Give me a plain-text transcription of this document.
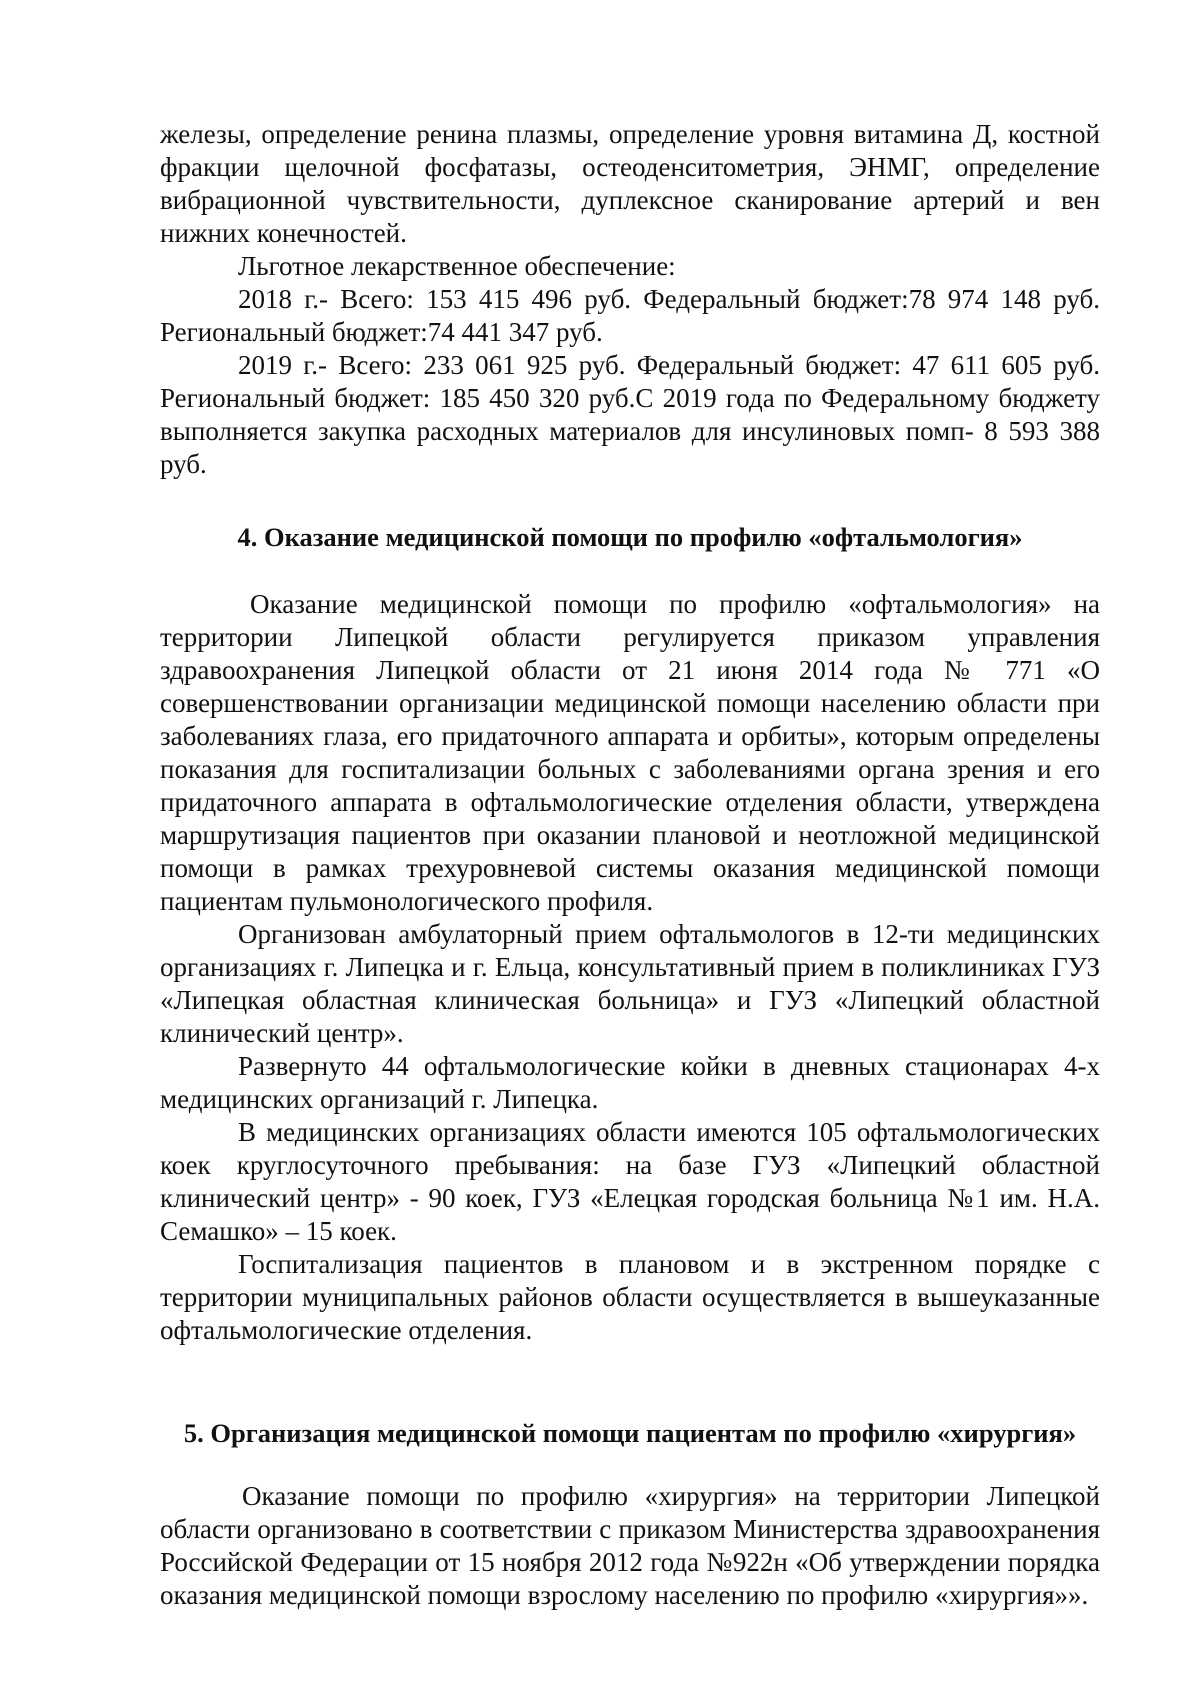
железы, определение ренина плазмы, определение уровня витамина Д, костной фракции щелочной фосфатазы, остеоденситометрия, ЭНМГ, определение вибрационной чувствительности, дуплексное сканирование артерий и вен нижних конечностей.

Льготное лекарственное обеспечение:

2018 г.- Всего: 153 415 496 руб. Федеральный бюджет:78 974 148 руб. Региональный бюджет:74 441 347 руб.

2019 г.- Всего: 233 061 925 руб. Федеральный бюджет: 47 611 605 руб. Региональный бюджет: 185 450 320 руб.С 2019 года по Федеральному бюджету выполняется закупка расходных материалов для инсулиновых помп- 8 593 388 руб.

4. Оказание медицинской помощи по профилю «офтальмология»

Оказание медицинской помощи по профилю «офтальмология» на территории Липецкой области регулируется приказом управления здравоохранения Липецкой области от 21 июня 2014 года № 771 «О совершенствовании организации медицинской помощи населению области при заболеваниях глаза, его придаточного аппарата и орбиты», которым определены показания для госпитализации больных с заболеваниями органа зрения и его придаточного аппарата в офтальмологические отделения области, утверждена маршрутизация пациентов при оказании плановой и неотложной медицинской помощи в рамках трехуровневой системы оказания медицинской помощи пациентам пульмонологического профиля.

Организован амбулаторный прием офтальмологов в 12-ти медицинских организациях г. Липецка и г. Ельца, консультативный прием в поликлиниках ГУЗ «Липецкая областная клиническая больница» и ГУЗ «Липецкий областной клинический центр».

Развернуто 44 офтальмологические койки в дневных стационарах 4-х медицинских организаций г. Липецка.

В медицинских организациях области имеются 105 офтальмологических коек круглосуточного пребывания: на базе ГУЗ «Липецкий областной клинический центр» - 90 коек, ГУЗ «Елецкая городская больница №1 им. Н.А. Семашко» – 15 коек.

Госпитализация пациентов в плановом и в экстренном порядке с территории муниципальных районов области осуществляется в вышеуказанные офтальмологические отделения.

5. Организация медицинской помощи пациентам по профилю «хирургия»

Оказание помощи по профилю «хирургия» на территории Липецкой области организовано в соответствии с приказом Министерства здравоохранения Российской Федерации от 15 ноября 2012 года №922н «Об утверждении порядка оказания медицинской помощи взрослому населению по профилю «хирургия»».
